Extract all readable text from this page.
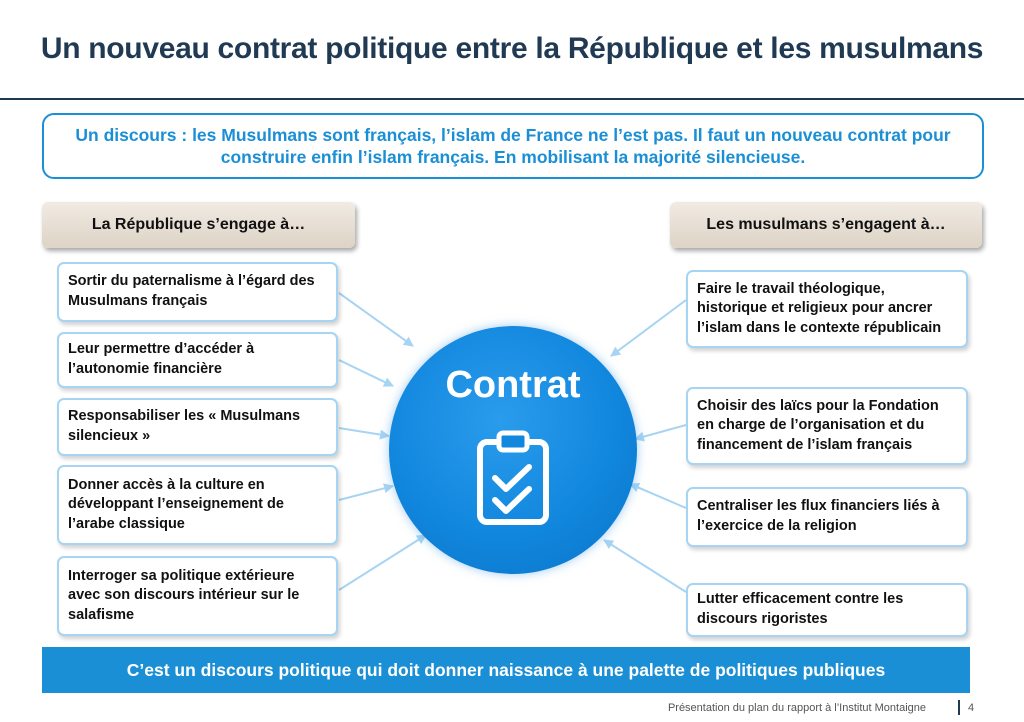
Un nouveau contrat politique entre la République et les musulmans
Un discours : les Musulmans sont français, l’islam de France ne l’est pas. Il faut un nouveau contrat pour construire enfin l’islam français. En mobilisant la majorité silencieuse.
La République s’engage à…	Les musulmans s’engagent à…
Sortir du paternalisme à l’égard des Musulmans français
Leur permettre d’accéder à l’autonomie financière
Responsabiliser les « Musulmans silencieux »
Donner accès à la culture en développant l’enseignement de l’arabe classique
Interroger sa politique extérieure avec son discours intérieur sur le salafisme
Faire le travail théologique, historique et religieux pour ancrer l’islam dans le contexte républicain
Choisir des laïcs pour la Fondation en charge de l’organisation et du financement de l’islam français
Centraliser les flux financiers liés à l’exercice de la religion
Lutter efficacement contre les discours rigoristes
Contrat
C’est un discours politique qui doit donner naissance à une palette de politiques publiques
Présentation du plan du rapport à l’Institut Montaigne	4
